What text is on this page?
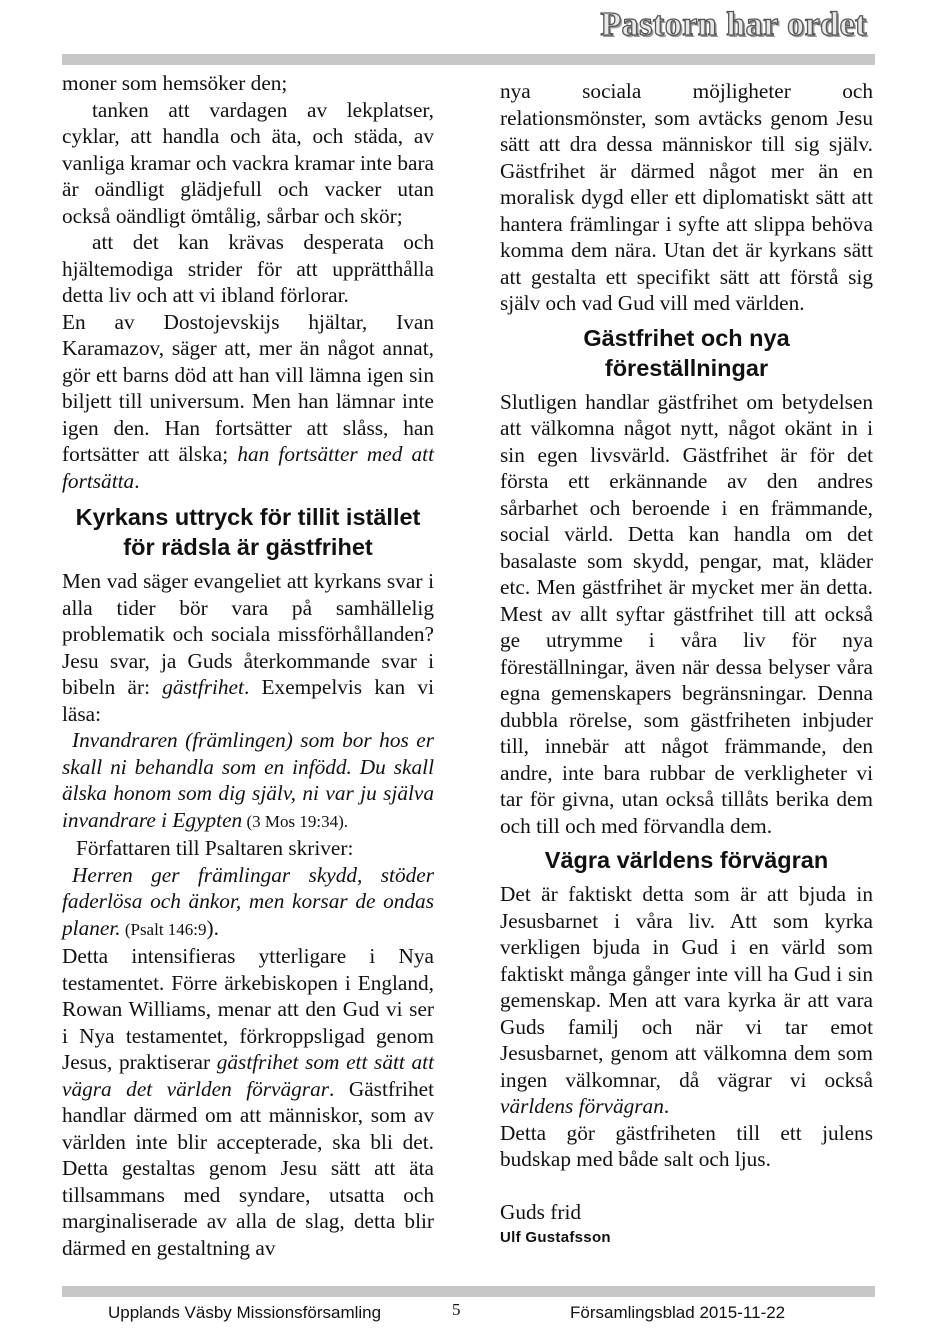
Pastorn har ordet

moner som hemsöker den;

tanken att vardagen av lekplatser, cyklar, att handla och äta, och städa, av vanliga kramar och vackra kramar inte bara är oändligt glädjefull och vacker utan också oändligt ömtålig, sårbar och skör;

att det kan krävas desperata och hjältemodiga strider för att upprätthålla detta liv och att vi ibland förlorar.

En av Dostojevskijs hjältar, Ivan Karamazov, säger att, mer än något annat, gör ett barns död att han vill lämna igen sin biljett till universum. Men han lämnar inte igen den. Han fortsätter att slåss, han fortsätter att älska; han fortsätter med att fortsätta.

Kyrkans uttryck för tillit istället för rädsla är gästfrihet

Men vad säger evangeliet att kyrkans svar i alla tider bör vara på samhällelig problematik och sociala missförhållanden? Jesu svar, ja Guds återkommande svar i bibeln är: gästfrihet. Exempelvis kan vi läsa:

Invandraren (främlingen) som bor hos er skall ni behandla som en infödd. Du skall älska honom som dig själv, ni var ju själva invandrare i Egypten (3 Mos 19:34).

Författaren till Psaltaren skriver:

Herren ger främlingar skydd, stöder faderlösa och änkor, men korsar de ondas planer. (Psalt 146:9).

Detta intensifieras ytterligare i Nya testamentet. Förre ärkebiskopen i England, Rowan Williams, menar att den Gud vi ser i Nya testamentet, förkroppsligad genom Jesus, praktiserar gästfrihet som ett sätt att vägra det världen förvägrar. Gästfrihet handlar därmed om att människor, som av världen inte blir accepterade, ska bli det. Detta gestaltas genom Jesu sätt att äta tillsammans med syndare, utsatta och marginaliserade av alla de slag, detta blir därmed en gestaltning av

nya sociala möjligheter och relationsmönster, som avtäcks genom Jesu sätt att dra dessa människor till sig själv. Gästfrihet är därmed något mer än en moralisk dygd eller ett diplomatiskt sätt att hantera främlingar i syfte att slippa behöva komma dem nära. Utan det är kyrkans sätt att gestalta ett specifikt sätt att förstå sig själv och vad Gud vill med världen.

Gästfrihet och nya föreställningar

Slutligen handlar gästfrihet om betydelsen att välkomna något nytt, något okänt in i sin egen livsvärld. Gästfrihet är för det första ett erkännande av den andres sårbarhet och beroende i en främmande, social värld. Detta kan handla om det basalaste som skydd, pengar, mat, kläder etc. Men gästfrihet är mycket mer än detta. Mest av allt syftar gästfrihet till att också ge utrymme i våra liv för nya föreställningar, även när dessa belyser våra egna gemenskapers begränsningar. Denna dubbla rörelse, som gästfriheten inbjuder till, innebär att något främmande, den andre, inte bara rubbar de verkligheter vi tar för givna, utan också tillåts berika dem och till och med förvandla dem.

Vägra världens förvägran

Det är faktiskt detta som är att bjuda in Jesusbarnet i våra liv. Att som kyrka verkligen bjuda in Gud i en värld som faktiskt många gånger inte vill ha Gud i sin gemenskap. Men att vara kyrka är att vara Guds familj och när vi tar emot Jesusbarnet, genom att välkomna dem som ingen välkomnar, då vägrar vi också världens förvägran.

Detta gör gästfriheten till ett julens budskap med både salt och ljus.

Guds frid

Ulf Gustafsson

Upplands Väsby Missionsförsamling	5	Församlingsblad 2015-11-22
